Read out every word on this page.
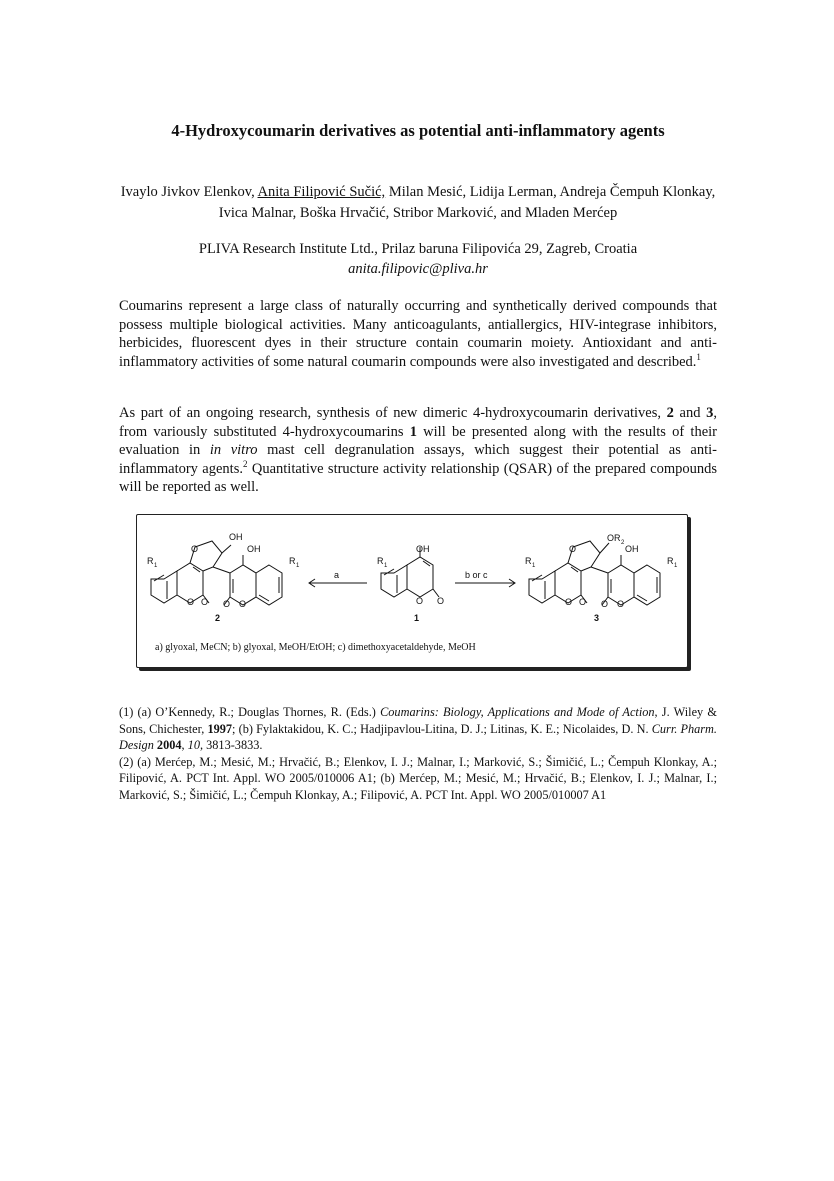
4-Hydroxycoumarin derivatives as potential anti-inflammatory agents
Ivaylo Jivkov Elenkov, Anita Filipović Sučić, Milan Mesić, Lidija Lerman, Andreja Čempuh Klonkay, Ivica Malnar, Boška Hrvačić, Stribor Marković, and Mladen Merćep
PLIVA Research Institute Ltd., Prilaz baruna Filipovića 29, Zagreb, Croatia
anita.filipovic@pliva.hr
Coumarins represent a large class of naturally occurring and synthetically derived compounds that possess multiple biological activities. Many anticoagulants, antiallergics, HIV-integrase inhibitors, herbicides, fluorescent dyes in their structure contain coumarin moiety. Antioxidant and anti-inflammatory activities of some natural coumarin compounds were also investigated and described.$^1$
As part of an ongoing research, synthesis of new dimeric 4-hydroxycoumarin derivatives, 2 and 3, from variously substituted 4-hydroxycoumarins 1 will be presented along with the results of their evaluation in in vitro mast cell degranulation assays, which suggest their potential as anti-inflammatory agents.$^2$ Quantitative structure activity relationship (QSAR) of the prepared compounds will be reported as well.

(1) (a) O’Kennedy, R.; Douglas Thornes, R. (Eds.) Coumarins: Biology, Applications and Mode of Action, J. Wiley & Sons, Chichester, 1997; (b) Fylaktakidou, K. C.; Hadjipavlou-Litina, D. J.; Litinas, K. E.; Nicolaides, D. N. Curr. Pharm. Design 2004, 10, 3813-3833.

(2) (a) Merćep, M.; Mesić, M.; Hrvačić, B.; Elenkov, I. J.; Malnar, I.; Marković, S.; Šimičić, L.; Čempuh Klonkay, A.; Filipović, A. PCT Int. Appl. WO 2005/010006 A1; (b) Merćep, M.; Mesić, M.; Hrvačić, B.; Elenkov, I. J.; Malnar, I.; Marković, S.; Šimičić, L.; Čempuh Klonkay, A.; Filipović, A. PCT Int. Appl. WO 2005/010007 A1

OH
O	OH
R 1	R 1
O O O O
2
a
OH
R 1
O O
1
b or c
OR 2
O	OH
R 1	R 1
O O O O
3
a) glyoxal, MeCN; b) glyoxal, MeOH/EtOH; c) dimethoxyacetaldehyde, MeOH
